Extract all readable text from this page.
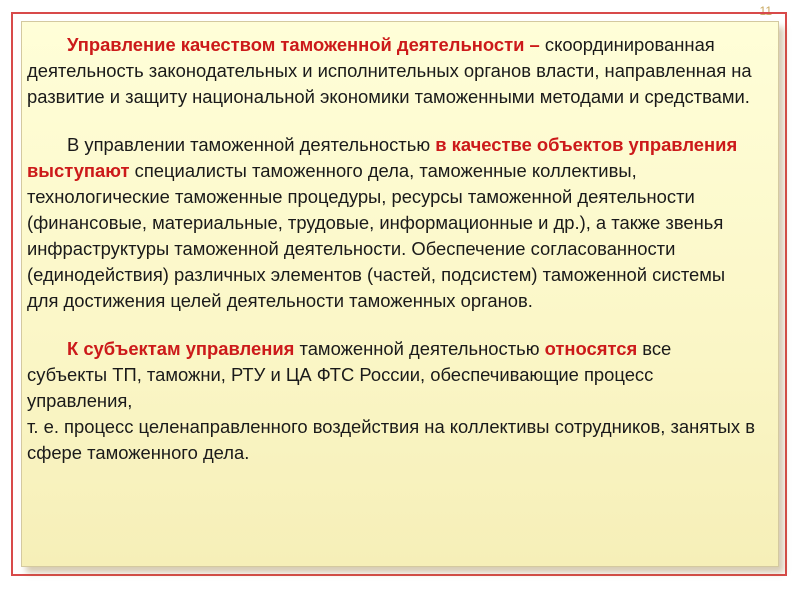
11

Управление качеством таможенной деятельности – скоординированная деятельность законодательных и исполнительных органов власти, направленная на развитие и защиту национальной экономики таможенными методами и средствами.

В управлении таможенной деятельностью в качестве объектов управления выступают специалисты таможенного дела, таможенные коллективы, технологические таможенные процедуры, ресурсы таможенной деятельности (финансовые, материальные, трудовые, информационные и др.), а также звенья инфраструктуры таможенной деятельности. Обеспечение согласованности (единодействия) различных элементов (частей, подсистем) таможенной системы для достижения целей деятельности таможенных органов.

К субъектам управления таможенной деятельностью относятся все субъекты ТП, таможни, РТУ и ЦА ФТС России, обеспечивающие процесс управления,
т. е. процесс целенаправленного воздействия на коллективы сотрудников, занятых в сфере таможенного дела.
